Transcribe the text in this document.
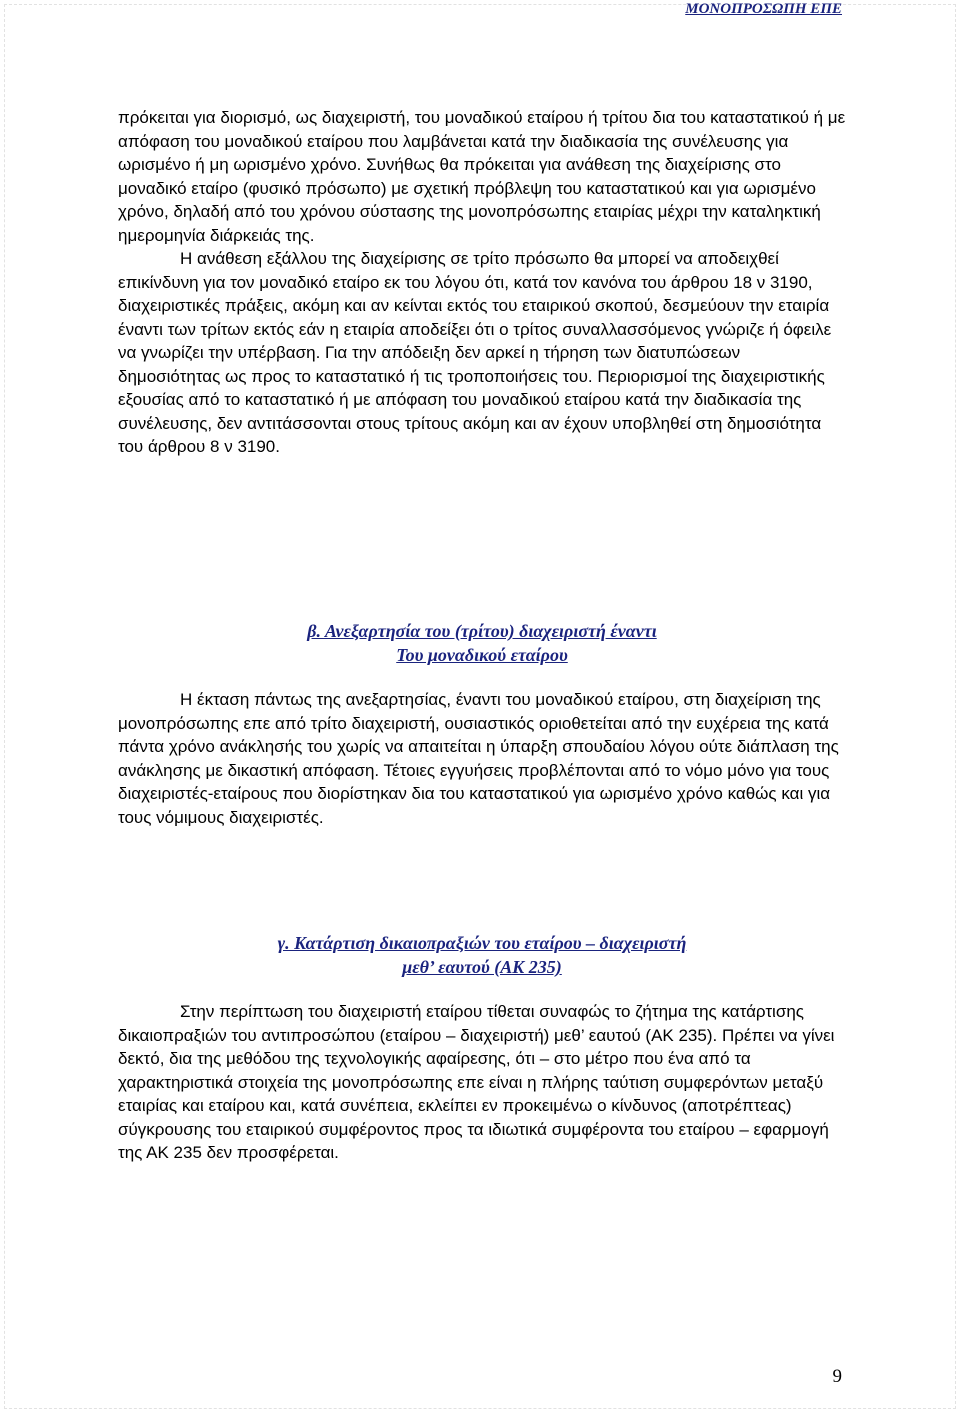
ΜΟΝΟΠΡΟΣΩΠΗ ΕΠΕ

πρόκειται για διορισμό, ως διαχειριστή, του μοναδικού εταίρου ή τρίτου δια του καταστατικού ή με απόφαση του μοναδικού εταίρου που λαμβάνεται κατά την διαδικασία της συνέλευσης για ωρισμένο ή μη ωρισμένο χρόνο. Συνήθως θα πρόκειται για ανάθεση της διαχείρισης στο μοναδικό εταίρο (φυσικό πρόσωπο) με σχετική πρόβλεψη του καταστατικού και για ωρισμένο χρόνο, δηλαδή από του χρόνου σύστασης της μονοπρόσωπης εταιρίας μέχρι την καταληκτική ημερομηνία διάρκειάς της.

Η ανάθεση εξάλλου της διαχείρισης σε τρίτο πρόσωπο θα μπορεί να αποδειχθεί επικίνδυνη για τον μοναδικό εταίρο εκ του λόγου ότι, κατά τον κανόνα του άρθρου 18 ν 3190, διαχειριστικές πράξεις, ακόμη και αν κείνται εκτός του εταιρικού σκοπού, δεσμεύουν την εταιρία έναντι των τρίτων εκτός εάν η εταιρία αποδείξει ότι ο τρίτος συναλλασσόμενος γνώριζε ή όφειλε να γνωρίζει την υπέρβαση. Για την απόδειξη δεν αρκεί η τήρηση των διατυπώσεων δημοσιότητας ως προς το καταστατικό ή τις τροποποιήσεις του. Περιορισμοί της διαχειριστικής εξουσίας από το καταστατικό ή με απόφαση του μοναδικού εταίρου κατά την διαδικασία της συνέλευσης, δεν αντιτάσσονται στους τρίτους ακόμη και αν έχουν υποβληθεί στη δημοσιότητα του άρθρου 8 ν 3190.

β. Ανεξαρτησία του (τρίτου) διαχειριστή έναντι
Του μοναδικού εταίρου

Η έκταση πάντως της ανεξαρτησίας, έναντι του μοναδικού εταίρου, στη διαχείριση της μονοπρόσωπης επε από τρίτο διαχειριστή, ουσιαστικός οριοθετείται από την ευχέρεια της κατά πάντα χρόνο ανάκλησής του χωρίς να απαιτείται η ύπαρξη σπουδαίου λόγου ούτε διάπλαση της ανάκλησης με δικαστική απόφαση. Τέτοιες εγγυήσεις προβλέπονται από το νόμο μόνο για τους διαχειριστές-εταίρους που διορίστηκαν δια του καταστατικού για ωρισμένο χρόνο καθώς και για τους νόμιμους διαχειριστές.

γ. Κατάρτιση δικαιοπραξιών του εταίρου – διαχειριστή
μεθ’ εαυτού (ΑΚ 235)

Στην περίπτωση του διαχειριστή εταίρου τίθεται συναφώς το ζήτημα της κατάρτισης δικαιοπραξιών του αντιπροσώπου (εταίρου – διαχειριστή) μεθ’ εαυτού (ΑΚ 235). Πρέπει να γίνει δεκτό, δια της μεθόδου της τεχνολογικής αφαίρεσης, ότι – στο μέτρο που ένα από τα χαρακτηριστικά στοιχεία της μονοπρόσωπης επε είναι η πλήρης ταύτιση συμφερόντων μεταξύ εταιρίας και εταίρου και, κατά συνέπεια, εκλείπει εν προκειμένω ο κίνδυνος (αποτρέπτεας) σύγκρουσης του εταιρικού συμφέροντος προς τα ιδιωτικά συμφέροντα του εταίρου – εφαρμογή της ΑΚ 235 δεν προσφέρεται.

9
